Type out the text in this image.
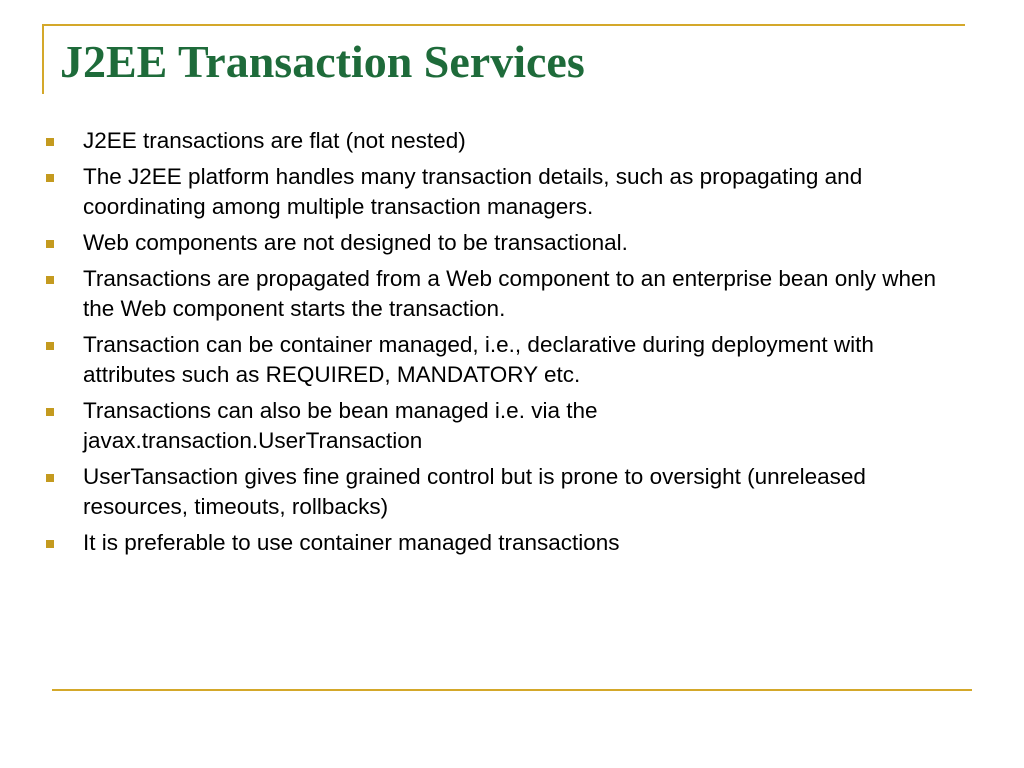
J2EE Transaction Services
J2EE transactions are flat (not nested)
The J2EE platform handles many transaction details, such as propagating and coordinating among multiple transaction managers.
Web components are not designed to be transactional.
Transactions are propagated from a Web component to an enterprise bean only when the Web component starts the transaction.
Transaction can be container managed, i.e., declarative during deployment with attributes such as REQUIRED, MANDATORY etc.
Transactions can also be bean managed i.e. via the javax.transaction.UserTransaction
UserTansaction gives fine grained control but is prone to oversight (unreleased resources, timeouts, rollbacks)
It is preferable to use container managed transactions
